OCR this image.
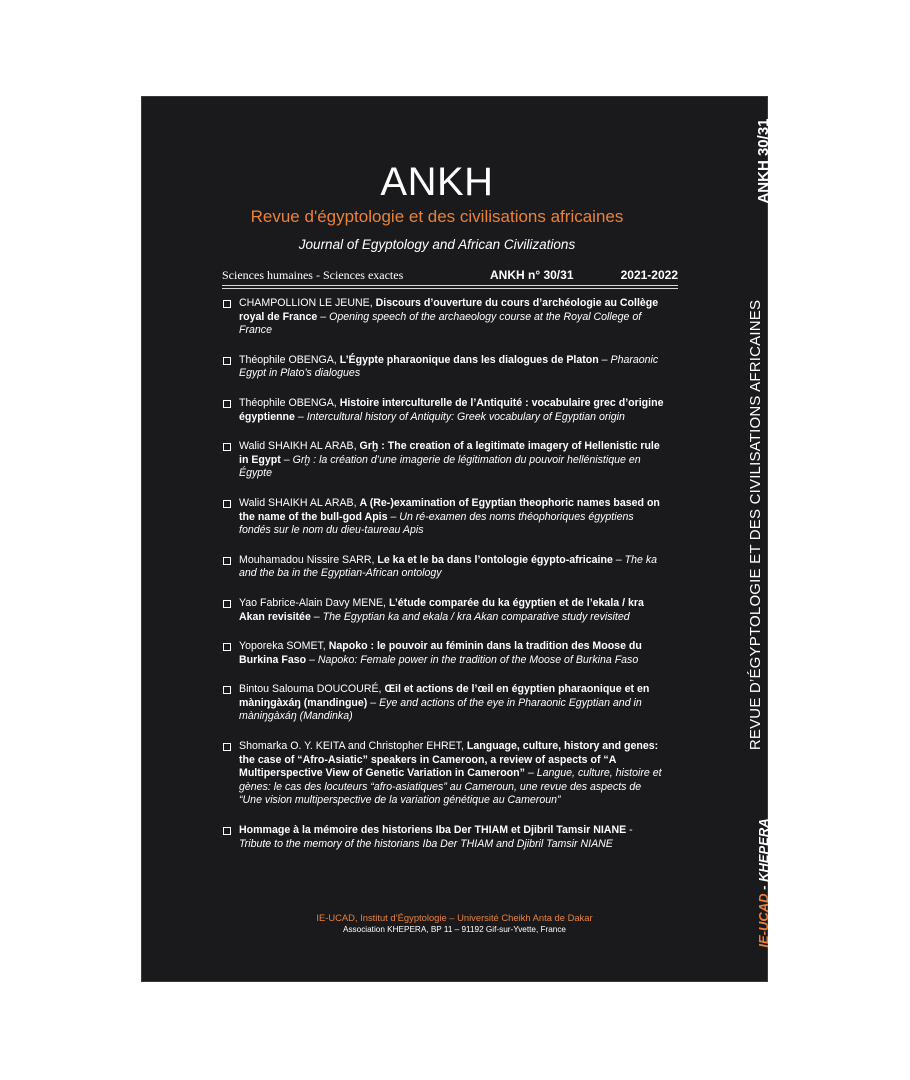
ANKH
Revue d'égyptologie et des civilisations africaines
Journal of Egyptology and African Civilizations
Sciences humaines - Sciences exactes	ANKH n° 30/31	2021-2022
CHAMPOLLION LE JEUNE, Discours d’ouverture du cours d’archéologie au Collège royal de France – Opening speech of the archaeology course at the Royal College of France
Théophile OBENGA, L’Égypte pharaonique dans les dialogues de Platon – Pharaonic Egypt in Plato’s dialogues
Théophile OBENGA, Histoire interculturelle de l’Antiquité : vocabulaire grec d’origine égyptienne – Intercultural history of Antiquity: Greek vocabulary of Egyptian origin
Walid SHAIKH AL ARAB, Grḫ : The creation of a legitimate imagery of Hellenistic rule in Egypt – Grḫ : la création d’une imagerie de légitimation du pouvoir hellénistique en Égypte
Walid SHAIKH AL ARAB, A (Re-)examination of Egyptian theophoric names based on the name of the bull-god Apis – Un ré-examen des noms théophoriques égyptiens fondés sur le nom du dieu-taureau Apis
Mouhamadou Nissire SARR, Le ka et le ba dans l’ontologie égypto-africaine – The ka and the ba in the Egyptian-African ontology
Yao Fabrice-Alain Davy MENE, L’étude comparée du ka égyptien et de l’ekala / kra Akan revisitée – The Egyptian ka and ekala / kra Akan comparative study revisited
Yoporeka SOMET, Napoko : le pouvoir au féminin dans la tradition des Moose du Burkina Faso – Napoko: Female power in the tradition of the Moose of Burkina Faso
Bintou Saloumа DOUCOURÉ, Œil et actions de l’œil en égyptien pharaonique et en màniŋgàxáŋ (mandingue) – Eye and actions of the eye in Pharaonic Egyptian and in màniŋgàxáŋ (Mandinka)
Shomarka O. Y. KEITA and Christopher EHRET, Language, culture, history and genes: the case of “Afro-Asiatic” speakers in Cameroon, a review of aspects of “A Multiperspective View of Genetic Variation in Cameroon” – Langue, culture, histoire et gènes: le cas des locuteurs “afro-asiatiques” au Cameroun, une revue des aspects de “Une vision multiperspective de la variation génétique au Cameroun”
Hommage à la mémoire des historiens Iba Der THIAM et Djibril Tamsir NIANE - Tribute to the memory of the historians Iba Der THIAM and Djibril Tamsir NIANE
IE-UCAD, Institut d’Égyptologie – Université Cheikh Anta de Dakar
Association KHEPERA, BP 11 – 91192 Gif-sur-Yvette, France
ANKH 30/31
REVUE D’ÉGYPTOLOGIE ET DES CIVILISATIONS AFRICAINES
IE-UCAD - KHEPERA
